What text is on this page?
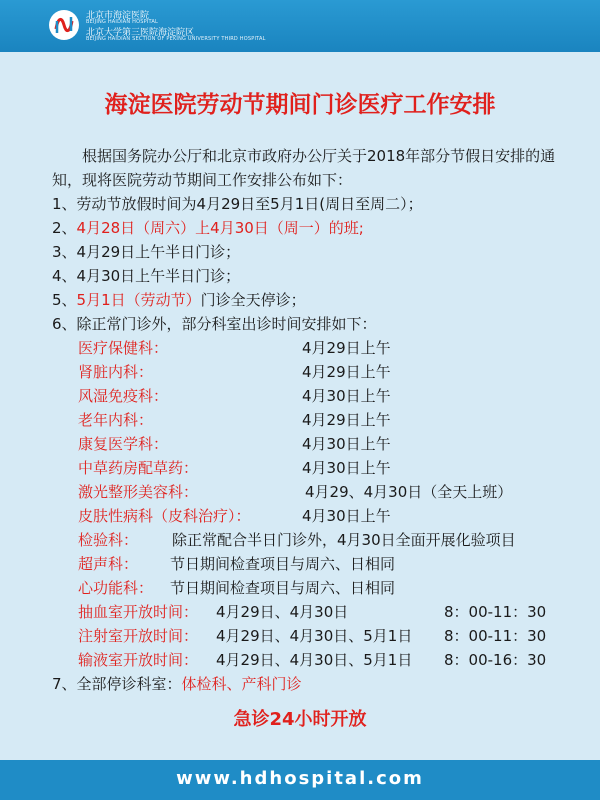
北京市海淀医院
BEIJING HAIDIAN HOSPITAL
北京大学第三医院海淀院区
BEIJING HAIDIAN SECTION OF PEKING UNIVERSITY THIRD HOSPITAL
海淀医院劳动节期间门诊医疗工作安排
根据国务院办公厅和北京市政府办公厅关于2018年部分节假日安排的通知，现将医院劳动节期间工作安排公布如下：
1、劳动节放假时间为4月29日至5月1日(周日至周二）；
2、4月28日（周六）上4月30日（周一）的班;
3、4月29日上午半日门诊；
4、4月30日上午半日门诊；
5、5月1日（劳动节）门诊全天停诊；
6、除正常门诊外，部分科室出诊时间安排如下：
医疗保健科：	4月29日上午
肾脏内科：	4月29日上午
风湿免疫科：	4月30日上午
老年内科：	4月29日上午
康复医学科：	4月30日上午
中草药房配草药：	4月30日上午
激光整形美容科：	4月29、4月30日（全天上班）
皮肤性病科（皮科治疗）：	4月30日上午
检验科： 除正常配合半日门诊外，4月30日全面开展化验项目
超声科： 节日期间检查项目与周六、日相同
心功能科： 节日期间检查项目与周六、日相同
抽血室开放时间： 4月29日、4月30日	8：00-11：30
注射室开放时间： 4月29日、4月30日、5月1日 8：00-11：30
输液室开放时间： 4月29日、4月30日、5月1日 8：00-16：30
7、全部停诊科室：体检科、产科门诊
急诊24小时开放
www.hdhospital.com
